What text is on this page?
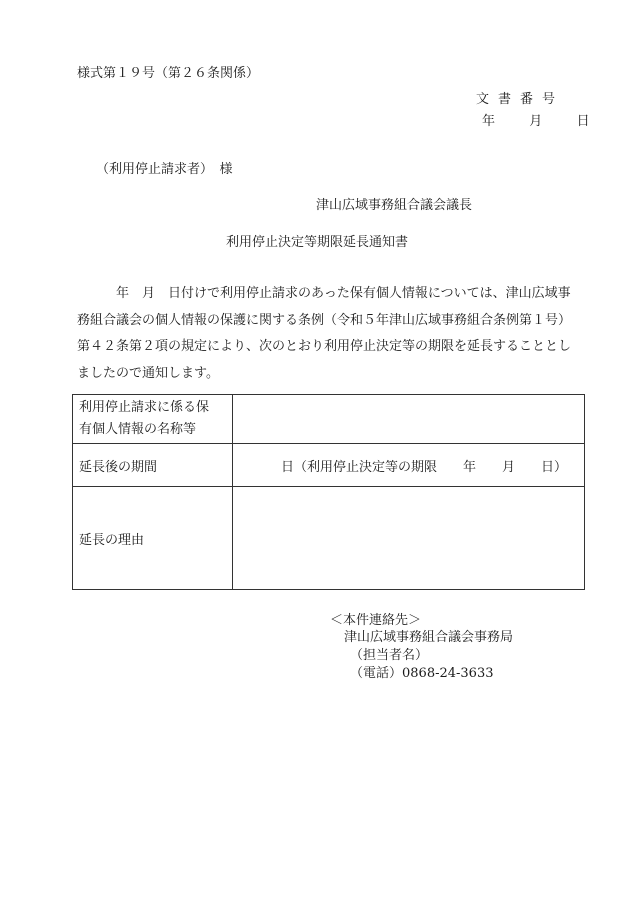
様式第１９号（第２６条関係）
文書番号
年	月	日
（利用停止請求者）　様
津山広域事務組合議会議長
利用停止決定等期限延長通知書
　　　年　月　日付けで利用停止請求のあった保有個人情報については、津山広域事
務組合議会の個人情報の保護に関する条例（令和５年津山広域事務組合条例第１号）
第４２条第２項の規定により、次のとおり利用停止決定等の期限を延長することとし
ましたので通知します。
利用停止請求に係る保
有個人情報の名称等	

延長後の期間	日（利用停止決定等の期限　　年　　月　　日）
延長の理由	
＜本件連絡先＞
津山広域事務組合議会事務局
（担当者名）
（電話）0868-24-3633
